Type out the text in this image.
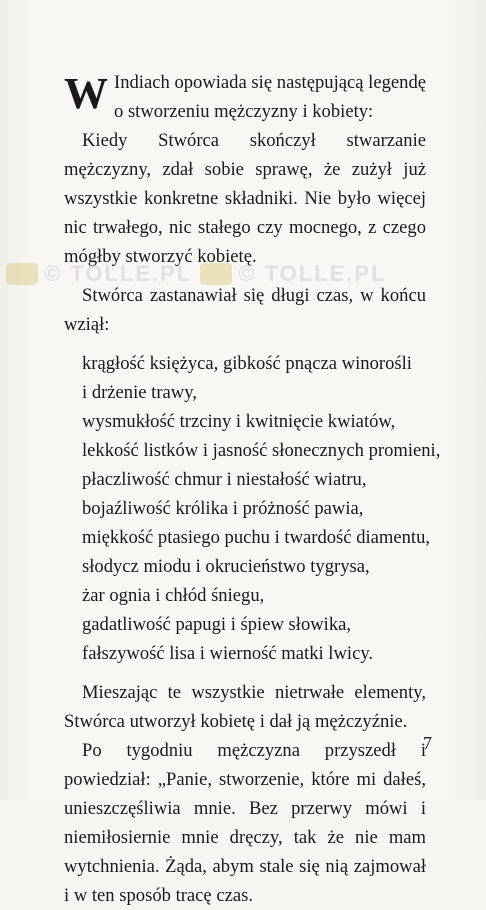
W Indiach opowiada się następującą legendę o stworzeniu mężczyzny i kobiety:

Kiedy Stwórca skończył stwarzanie mężczyzny, zdał sobie sprawę, że zużył już wszystkie konkretne składniki. Nie było więcej nic trwałego, nic stałego czy mocnego, z czego mógłby stworzyć kobietę.

Stwórca zastanawiał się długi czas, w końcu wziął:

krągłość księżyca, gibkość pnącza winorośli
i drżenie trawy,
wysmukłość trzciny i kwitnięcie kwiatów,
lekkość listków i jasność słonecznych promieni,
płaczliwość chmur i niestałość wiatru,
bojaźliwość królika i próżność pawia,
miękkość ptasiego puchu i twardość diamentu,
słodycz miodu i okrucieństwo tygrysa,
żar ognia i chłód śniegu,
gadatliwość papugi i śpiew słowika,
fałszywość lisa i wierność matki lwicy.

Mieszając te wszystkie nietrwałe elementy, Stwórca utworzył kobietę i dał ją mężczyźnie.

Po tygodniu mężczyzna przyszedł i powiedział: „Panie, stworzenie, które mi dałeś, unieszczęśliwia mnie. Bez przerwy mówi i niemiłosiernie mnie dręczy, tak że nie mam wytchnienia. Żąda, abym stale się nią zajmował i w ten sposób tracę czas.

© TOLLE.PL © TOLLE.PL
7
